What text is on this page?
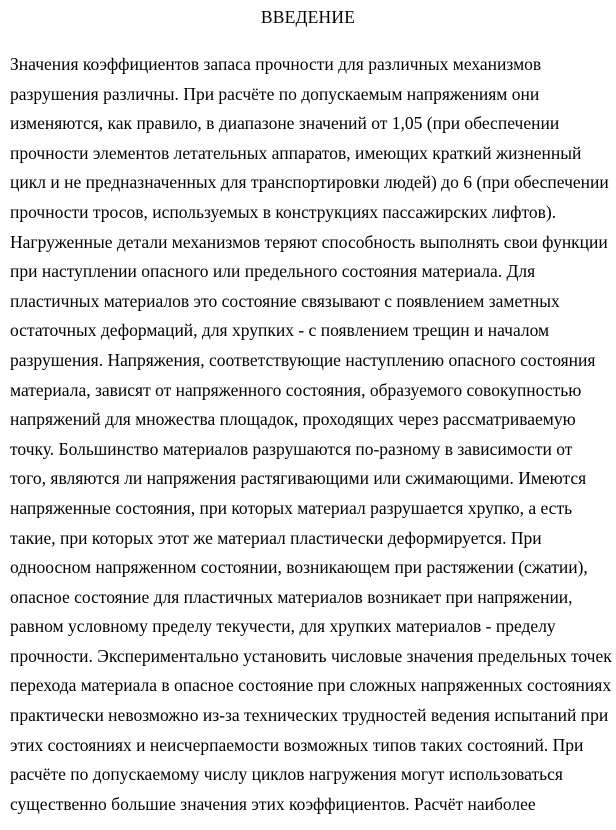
ВВЕДЕНИЕ
Значения коэффициентов запаса прочности для различных механизмов
разрушения различны. При расчёте по допускаемым напряжениям они
изменяются, как правило, в диапазоне значений от 1,05 (при обеспечении
прочности элементов летательных аппаратов, имеющих краткий жизненный
цикл и не предназначенных для транспортировки людей) до 6 (при обеспечении
прочности тросов, используемых в конструкциях пассажирских лифтов).
Нагруженные детали механизмов теряют способность выполнять свои функции
при наступлении опасного или предельного состояния материала. Для
пластичных материалов это состояние связывают с появлением заметных
остаточных деформаций, для хрупких - с появлением трещин и началом
разрушения. Напряжения, соответствующие наступлению опасного состояния
материала, зависят от напряженного состояния, образуемого совокупностью
напряжений для множества площадок, проходящих через рассматриваемую
точку. Большинство материалов разрушаются по-разному в зависимости от
того, являются ли напряжения растягивающими или сжимающими. Имеются
напряженные состояния, при которых материал разрушается хрупко, а есть
такие, при которых этот же материал пластически деформируется. При
одноосном напряженном состоянии, возникающем при растяжении (сжатии),
опасное состояние для пластичных материалов возникает при напряжении,
равном условному пределу текучести, для хрупких материалов - пределу
прочности. Экспериментально установить числовые значения предельных точек
перехода материала в опасное состояние при сложных напряженных состояниях
практически невозможно из-за технических трудностей ведения испытаний при
этих состояниях и неисчерпаемости возможных типов таких состояний. При
расчёте по допускаемому числу циклов нагружения могут использоваться
существенно большие значения этих коэффициентов. Расчёт наиболее
